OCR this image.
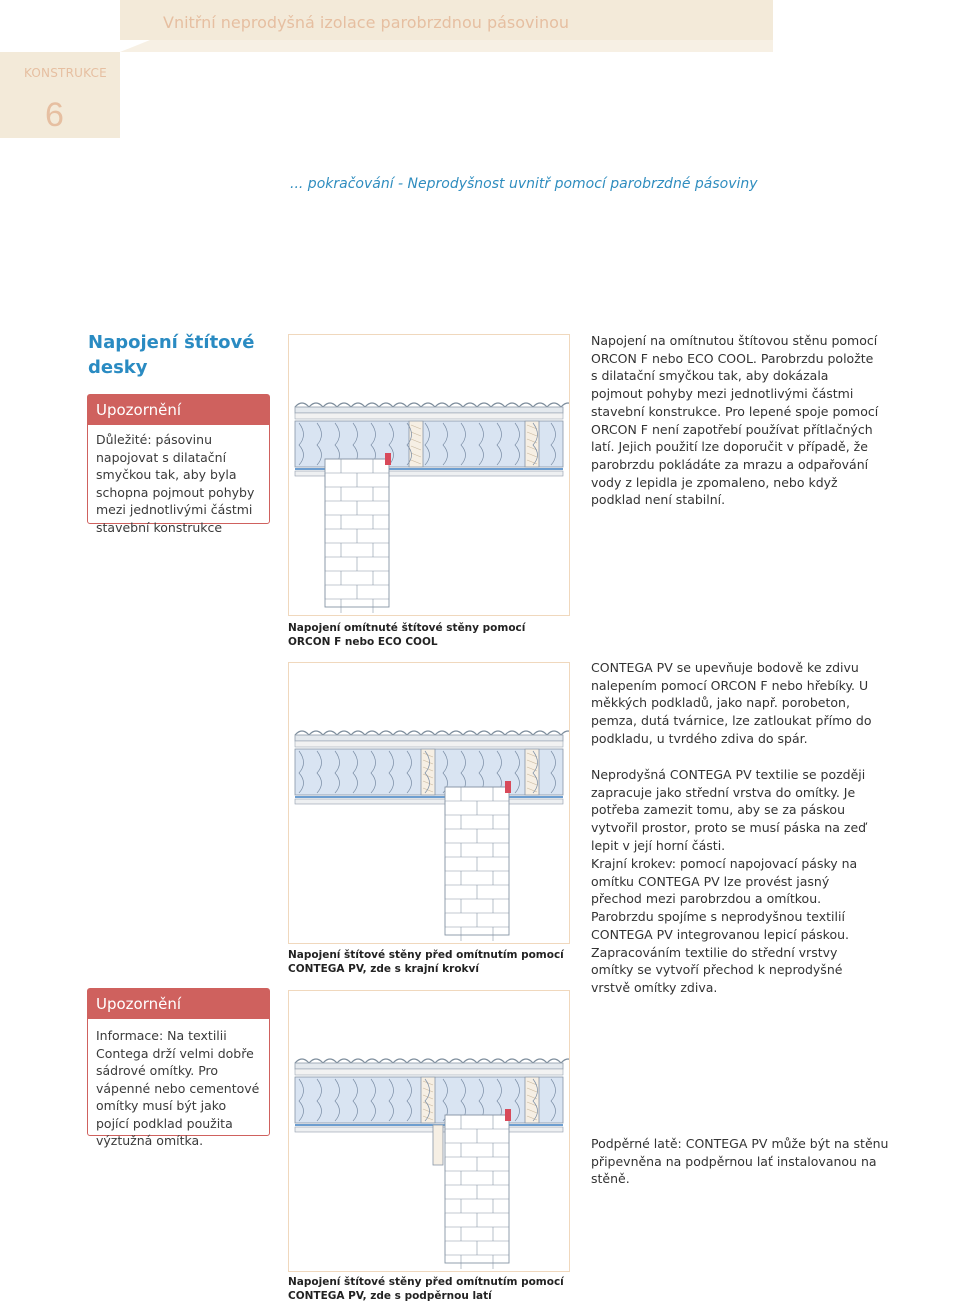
Vnitřní neprodyšná izolace parobrzdnou pásovinou
KONSTRUKCE
6
... pokračování - Neprodyšnost uvnitř pomocí parobrzdné pásoviny
Napojení štítové desky
Upozornění
Důležité: pásovinu napojovat s dilatační smyčkou tak, aby byla schopna pojmout pohyby mezi jednotlivými částmi stavební konstrukce
Upozornění
Informace: Na textilii Contega drží velmi dobře sádrové omítky. Pro vápenné nebo cementové omítky musí být jako pojící podklad použita výztužná omítka.
Napojení omítnuté štítové stěny pomocí ORCON F nebo ECO COOL
Napojení štítové stěny před omítnutím pomocí CONTEGA PV, zde s krajní krokví
Napojení štítové stěny před omítnutím pomocí CONTEGA PV, zde s podpěrnou latí

Napojení na omítnutou štítovou stěnu pomocí ORCON F nebo ECO COOL. Parobrzdu položte s dilatační smyčkou tak, aby dokázala pojmout pohyby mezi jednotlivými částmi stavební konstrukce. Pro lepené spoje pomocí ORCON F není zapotřebí používat přítlačných latí. Jejich použití lze doporučit v případě, že parobrzdu pokládáte za mrazu a odpařování vody z lepidla je zpomaleno, nebo když podklad není stabilní.

CONTEGA PV se upevňuje bodově ke zdivu nalepením pomocí ORCON F nebo hřebíky. U měkkých podkladů, jako např. porobeton, pemza, dutá tvárnice, lze zatloukat přímo do podkladu, u tvrdého zdiva do spár.

Neprodyšná CONTEGA PV textilie se později zapracuje jako střední vrstva do omítky. Je potřeba zamezit tomu, aby se za páskou vytvořil prostor, proto se musí páska na zeď lepit v její horní části.

Krajní krokev: pomocí napojovací pásky na omítku CONTEGA PV lze provést jasný přechod mezi parobrzdou a omítkou. Parobrzdu spojíme s neprodyšnou textilií CONTEGA PV integrovanou lepicí páskou. Zapracováním textilie do střední vrstvy omítky se vytvoří přechod k neprodyšné vrstvě omítky zdiva.

Podpěrné latě: CONTEGA PV může být na stěnu připevněna na podpěrnou lať instalovanou na stěně.
